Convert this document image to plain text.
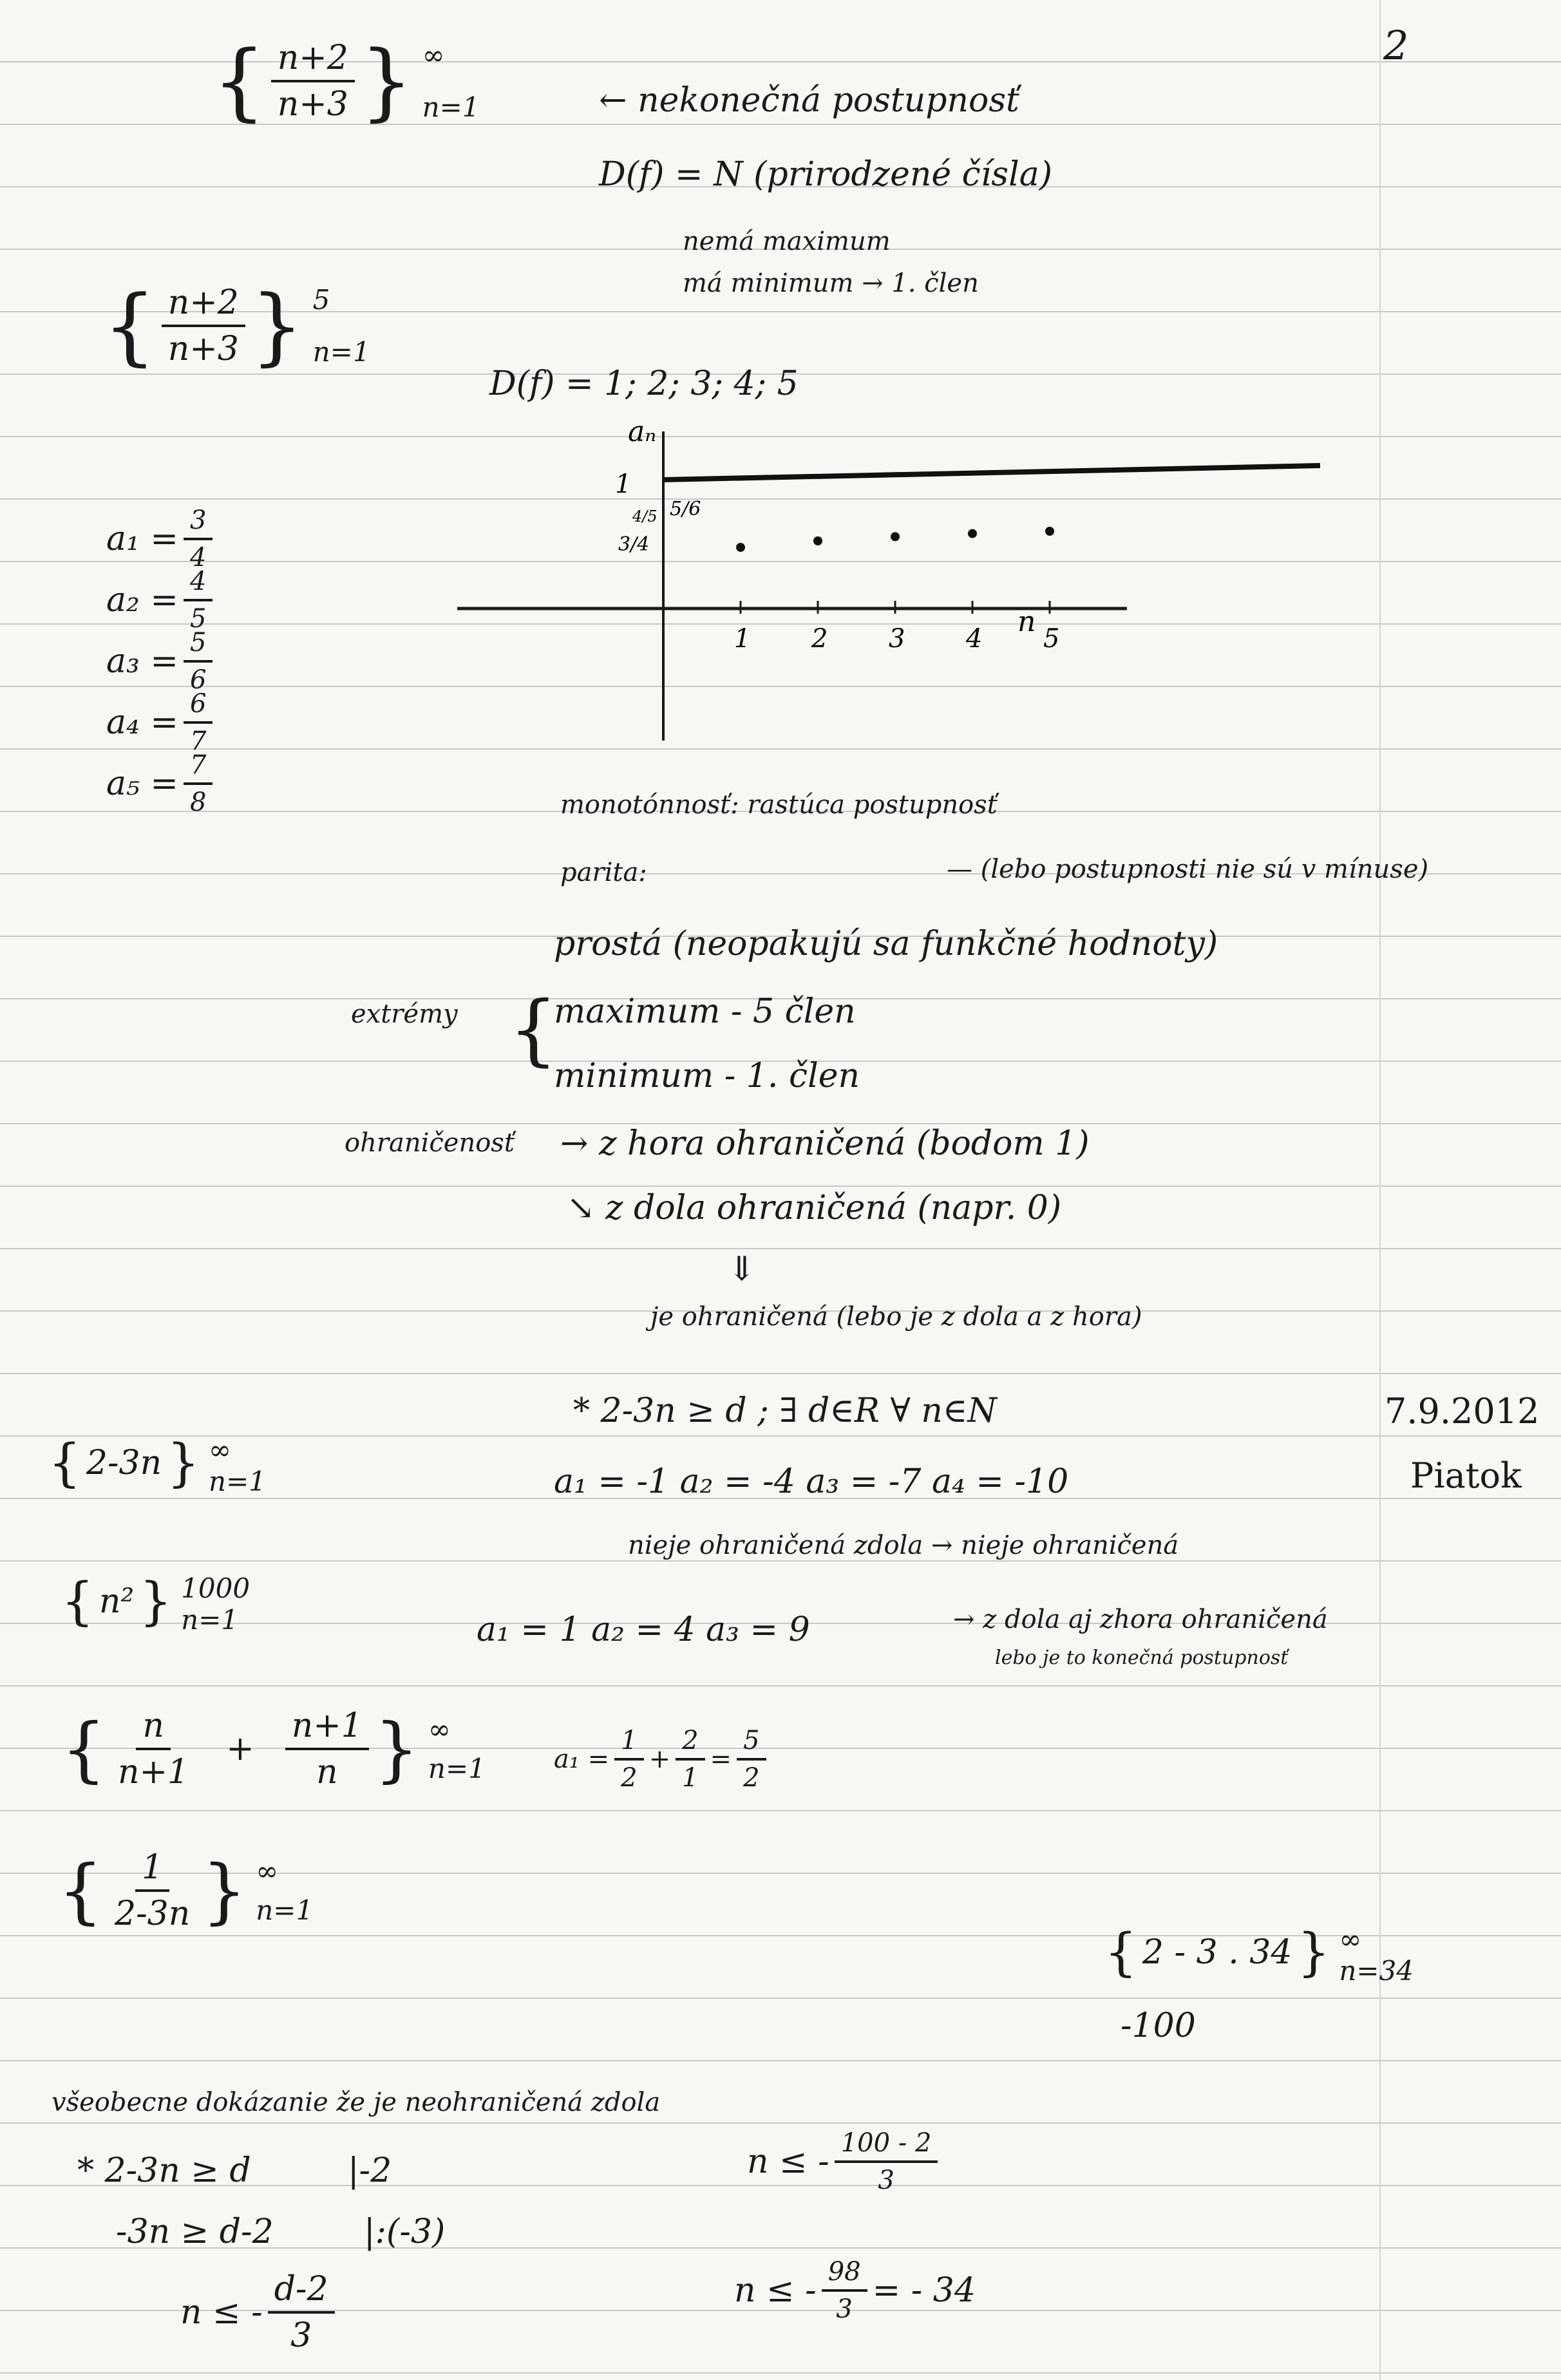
2
{ $\frac{n+2}{n+3}$ } ∞
n=1	← nekonečná postupnosť
D(f) = N (prirodzené čísla)
nemá maximum
má minimum → 1. člen
{ $\frac{n+2}{n+3}$ } 5
n=1
D(f) = 1; 2; 3; 4; 5
$a_1 = \frac{3}{4}$
$a_2 = \frac{4}{5}$
$a_3 = \frac{5}{6}$
$a_4 = \frac{6}{7}$
$a_5 = \frac{7}{8}$
aₙ
n
1
4/5 5/6
3/4
1 2 3 4 5
monotónnosť: rastúca postupnosť
parita:	— (lebo postupnosti nie sú v mínuse)
prostá (neopakujú sa funkčné hodnoty)
extrémy {
maximum - 5 člen
minimum - 1. člen
ohraničenosť → z hora ohraničená (bodom 1)
↘ z dola ohraničená (napr. 0)
⇓
je ohraničená (lebo je z dola a z hora)
* 2-3n ≥ d ; ∃ d∈R ∀ n∈N	7.9.2012
Piatok
{ 2-3n } ∞
n=1	a₁ = -1 a₂ = -4 a₃ = -7 a₄ = -10
nieje ohraničená zdola → nieje ohraničená
{ n² } 1000
n=1	a₁ = 1 a₂ = 4 a₃ = 9	→ z dola aj zhora ohraničená
lebo je to konečná postupnosť
{ $\frac{n}{n+1} + \frac{n+1}{n}$ } ∞
n=1	$a_1 = \frac{1}{2} + \frac{2}{1} = \frac{5}{2}$
{ $\frac{1}{2-3n}$ } ∞
n=1
{ 2 - 3 . 34 } ∞
n=34
-100
všeobecne dokázanie že je neohraničená zdola
* 2-3n ≥ d	|-2
-3n ≥ d-2	|:(-3)
n ≤ - $\frac{d-2}{3}$
n ≤ - $\frac{100 - 2}{3}$
n ≤ - $\frac{98}{3}$ = - 34
